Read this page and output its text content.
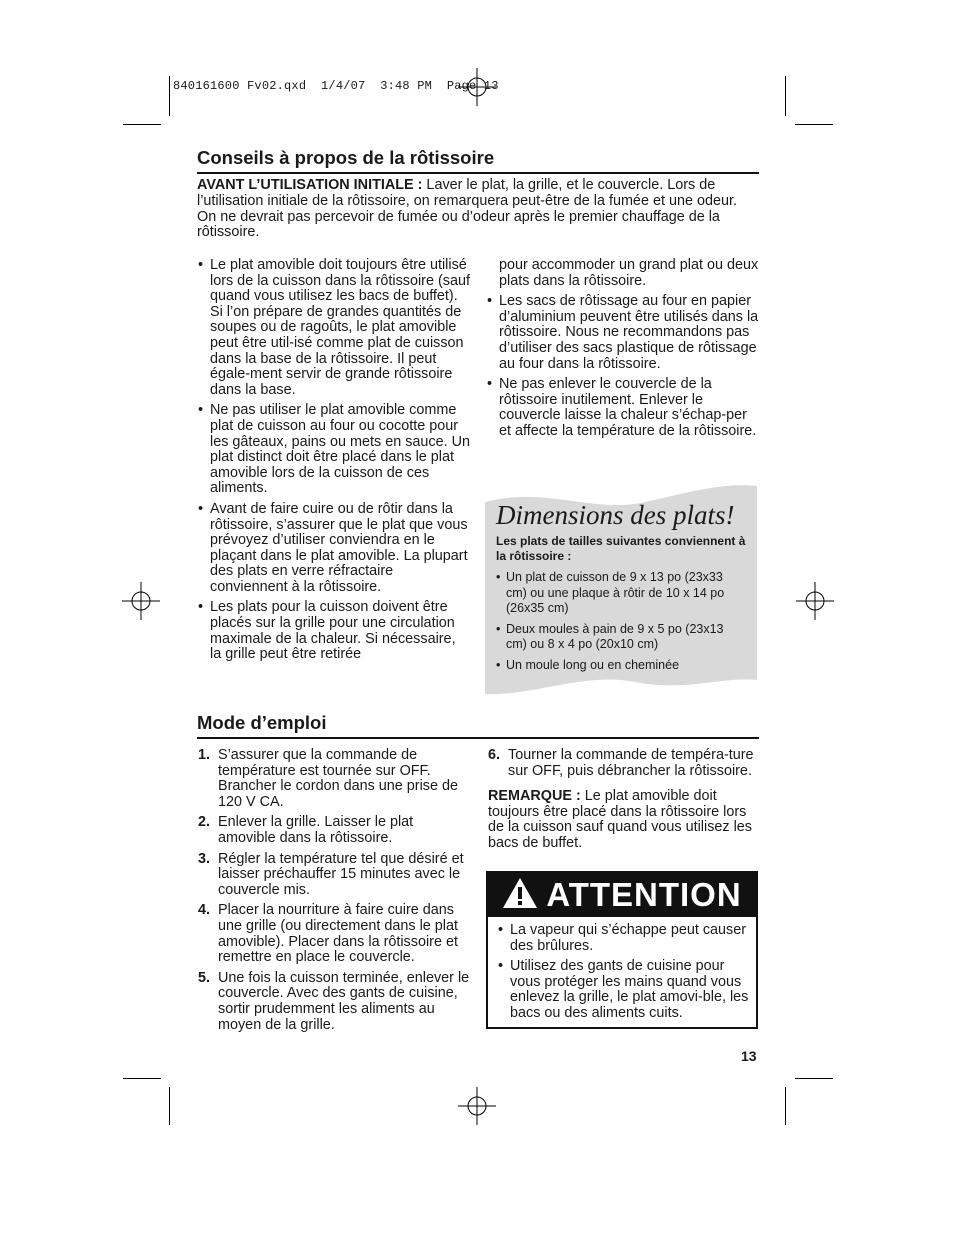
840161600 Fv02.qxd  1/4/07  3:48 PM  Page 13
Conseils à propos de la rôtissoire
AVANT L’UTILISATION INITIALE : Laver le plat, la grille, et le couvercle. Lors de l’utilisation initiale de la rôtissoire, on remarquera peut-être de la fumée et une odeur. On ne devrait pas percevoir de fumée ou d’odeur après le premier chauffage de la rôtissoire.
• Le plat amovible doit toujours être utilisé lors de la cuisson dans la rôtissoire (sauf quand vous utilisez les bacs de buffet). Si l’on prépare de grandes quantités de soupes ou de ragoûts, le plat amovible peut être util-isé comme plat de cuisson dans la base de la rôtissoire. Il peut égale-ment servir de grande rôtissoire dans la base.
• Ne pas utiliser le plat amovible comme plat de cuisson au four ou cocotte pour les gâteaux, pains ou mets en sauce. Un plat distinct doit être placé dans le plat amovible lors de la cuisson de ces aliments.
• Avant de faire cuire ou de rôtir dans la rôtissoire, s’assurer que le plat que vous prévoyez d’utiliser conviendra en le plaçant dans le plat amovible. La plupart des plats en verre réfractaire conviennent à la rôtissoire.
• Les plats pour la cuisson doivent être placés sur la grille pour une circulation maximale de la chaleur. Si nécessaire, la grille peut être retirée
pour accommoder un grand plat ou deux plats dans la rôtissoire.
• Les sacs de rôtissage au four en papier d’aluminium peuvent être utilisés dans la rôtissoire. Nous ne recommandons pas d’utiliser des sacs plastique de rôtissage au four dans la rôtissoire.
• Ne pas enlever le couvercle de la rôtissoire inutilement. Enlever le couvercle laisse la chaleur s’échap-per et affecte la température de la rôtissoire.
Dimensions des plats!
Les plats de tailles suivantes conviennent à la rôtissoire :
• Un plat de cuisson de 9 x 13 po (23x33 cm) ou une plaque à rôtir de 10 x 14 po (26x35 cm)
• Deux moules à pain de 9 x 5 po (23x13 cm) ou 8 x 4 po (20x10 cm)
• Un moule long ou en cheminée
Mode d’emploi
1. S’assurer que la commande de température est tournée sur OFF. Brancher le cordon dans une prise de 120 V CA.
2. Enlever la grille. Laisser le plat amovible dans la rôtissoire.
3. Régler la température tel que désiré et laisser préchauffer 15 minutes avec le couvercle mis.
4. Placer la nourriture à faire cuire dans une grille (ou directement dans le plat amovible). Placer dans la rôtissoire et remettre en place le couvercle.
5. Une fois la cuisson terminée, enlever le couvercle. Avec des gants de cuisine, sortir prudemment les aliments au moyen de la grille.
6. Tourner la commande de tempéra-ture sur OFF, puis débrancher la rôtissoire.
REMARQUE : Le plat amovible doit toujours être placé dans la rôtissoire lors de la cuisson sauf quand vous utilisez les bacs de buffet.
ATTENTION
• La vapeur qui s’échappe peut causer des brûlures.
• Utilisez des gants de cuisine pour vous protéger les mains quand vous enlevez la grille, le plat amovi-ble, les bacs ou des aliments cuits.
13
